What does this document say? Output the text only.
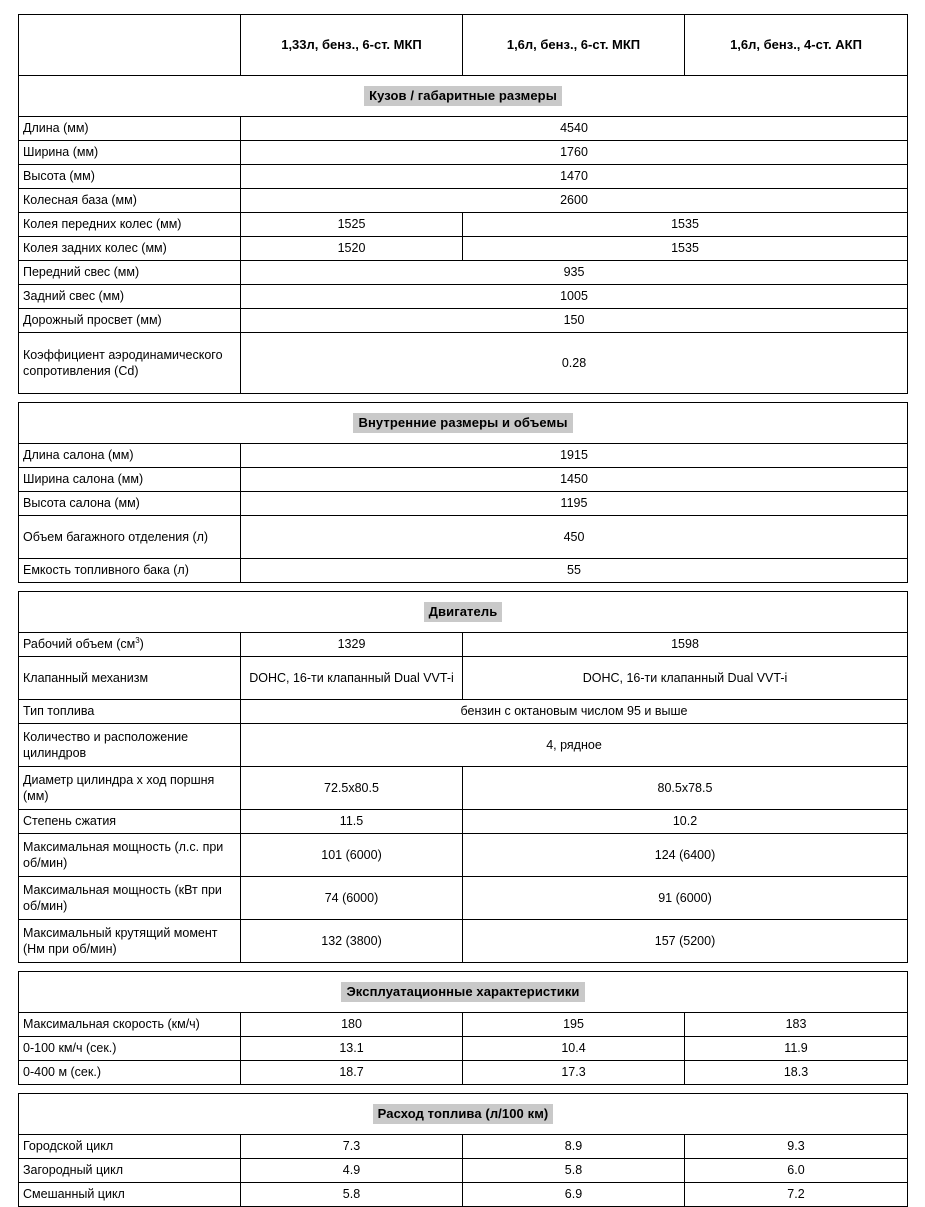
	1,33л, бенз., 6-ст. МКП	1,6л, бенз., 6-ст. МКП	1,6л, бенз., 4-ст. АКП
Кузов / габаритные размеры			
Длина (мм)	4540		
Ширина (мм)	1760		
Высота (мм)	1470		
Колесная база (мм)	2600		
Колея передних колес (мм)	1525	1535	
Колея задних колес (мм)	1520	1535	
Передний свес (мм)	935		
Задний свес (мм)	1005		
Дорожный просвет (мм)	150		
Коэффициент аэродинамического сопротивления (Cd)	0.28		

Внутренние размеры и объемы			
Длина салона (мм)	1915		
Ширина салона (мм)	1450		
Высота салона (мм)	1195		
Объем багажного отделения (л)	450		
Емкость топливного бака (л)	55		

Двигатель			
Рабочий объем $(см^3)$	1329	1598	
Клапанный механизм	DOHC, 16-ти клапанный Dual VVT-i	DOHC, 16-ти клапанный Dual VVT-i	
Тип топлива	бензин с октановым числом 95 и выше		
Количество и расположение цилиндров	4, рядное		
Диаметр цилиндра х ход поршня (мм)	72.5x80.5	80.5x78.5	
Степень сжатия	11.5	10.2	
Максимальная мощность (л.с. при об/мин)	101 (6000)	124 (6400)	
Максимальная мощность (кВт при об/мин)	74 (6000)	91 (6000)	
Максимальный крутящий момент (Нм при об/мин)	132 (3800)	157 (5200)	

Эксплуатационные характеристики			
Максимальная скорость (км/ч)	180	195	183
0-100 км/ч (сек.)	13.1	10.4	11.9
0-400 м (сек.)	18.7	17.3	18.3

Расход топлива (л/100 км)			
Городской цикл	7.3	8.9	9.3
Загородный цикл	4.9	5.8	6.0
Смешанный цикл	5.8	6.9	7.2
